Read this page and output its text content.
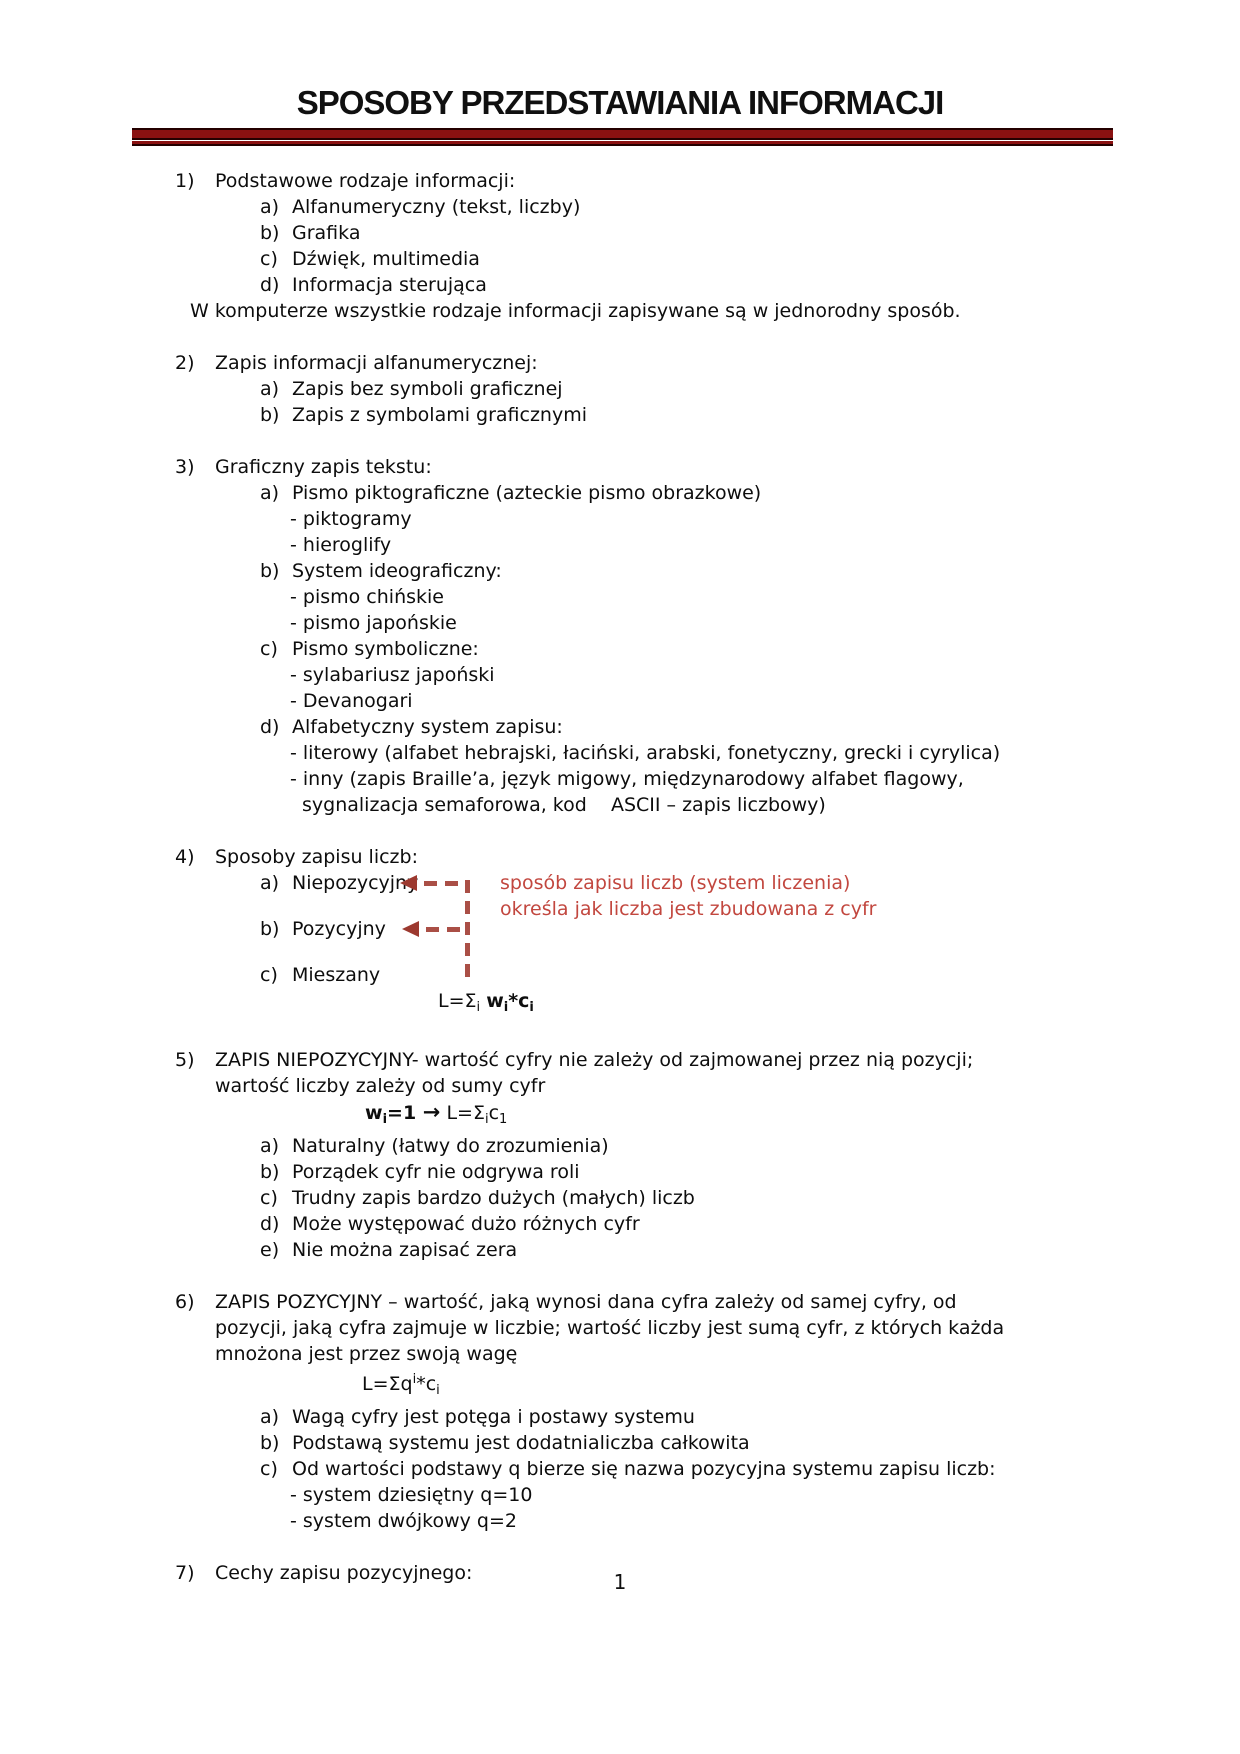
SPOSOBY PRZEDSTAWIANIA INFORMACJI
1) Podstawowe rodzaje informacji:
a) Alfanumeryczny (tekst, liczby)
b) Grafika
c) Dźwięk, multimedia
d) Informacja sterująca
W komputerze wszystkie rodzaje informacji zapisywane są w jednorodny sposób.
2) Zapis informacji alfanumerycznej:
a) Zapis bez symboli graficznej
b) Zapis z symbolami graficznymi
3) Graficzny zapis tekstu:
a) Pismo piktograficzne (azteckie pismo obrazkowe)
- piktogramy
- hieroglify
b) System ideograficzny:
- pismo chińskie
- pismo japońskie
c) Pismo symboliczne:
- sylabariusz japoński
- Devanogari
d) Alfabetyczny system zapisu:
- literowy (alfabet hebrajski, łaciński, arabski, fonetyczny, grecki i cyrylica)
- inny (zapis Braille’a, język migowy, międzynarodowy alfabet flagowy,
sygnalizacja semaforowa, kod    ASCII – zapis liczbowy)
4) Sposoby zapisu liczb:
a) Niepozycyjny
b) Pozycyjny
c) Mieszany
sposób zapisu liczb (system liczenia)
określa jak liczba jest zbudowana z cyfr
$L=\Sigma_i$ $w_i*c_i$
5) ZAPIS NIEPOZYCYJNY- wartość cyfry nie zależy od zajmowanej przez nią pozycji;
wartość liczby zależy od sumy cyfr
$w_i=1 \to L=\Sigma_ic_1$
a) Naturalny (łatwy do zrozumienia)
b) Porządek cyfr nie odgrywa roli
c) Trudny zapis bardzo dużych (małych) liczb
d) Może występować dużo różnych cyfr
e) Nie można zapisać zera
6) ZAPIS POZYCYJNY – wartość, jaką wynosi dana cyfra zależy od samej cyfry, od
pozycji, jaką cyfra zajmuje w liczbie; wartość liczby jest sumą cyfr, z których każda
mnożona jest przez swoją wagę
$L=\Sigma q^i*c_i$
a) Wagą cyfry jest potęga i postawy systemu
b) Podstawą systemu jest dodatnialiczba całkowita
c) Od wartości podstawy q bierze się nazwa pozycyjna systemu zapisu liczb:
- system dziesiętny q=10
- system dwójkowy q=2
7) Cechy zapisu pozycyjnego:	1
